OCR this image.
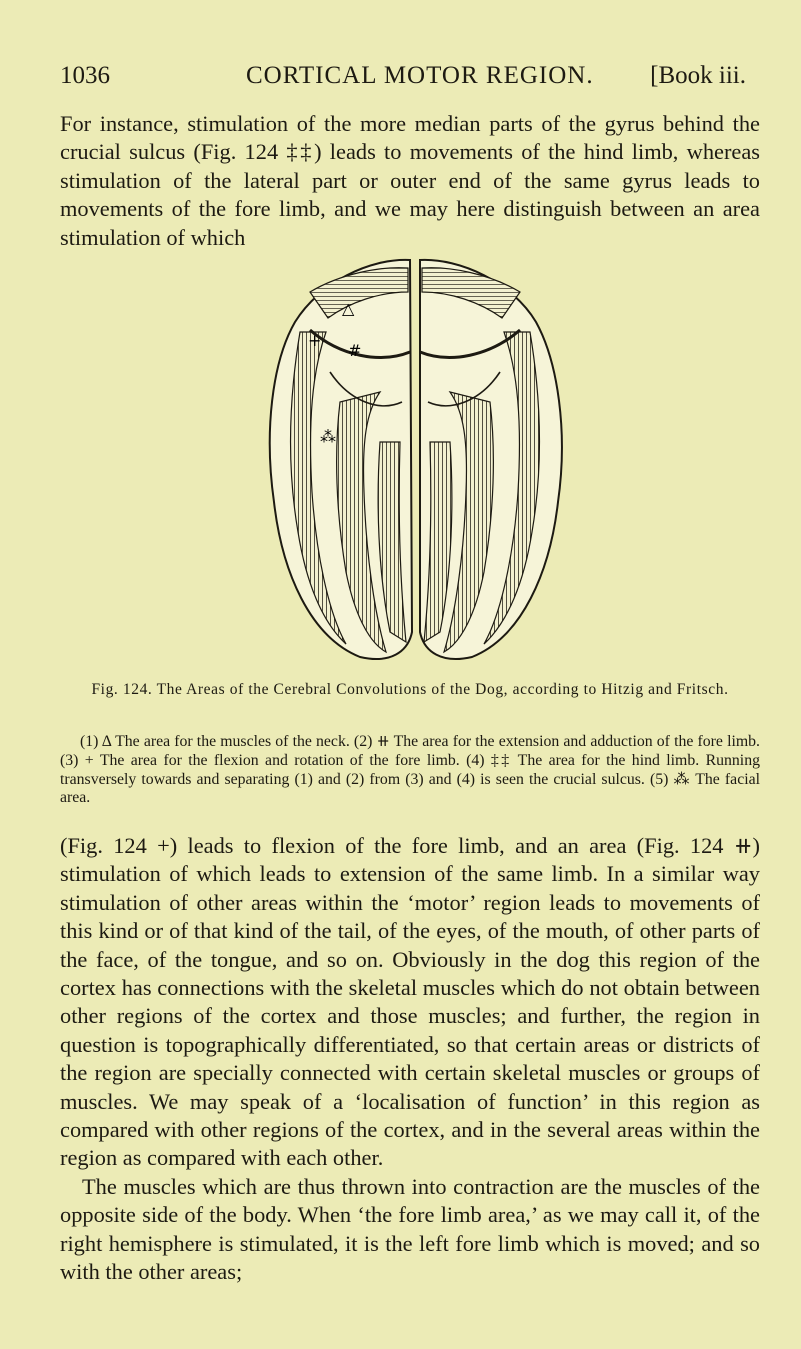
1036	CORTICAL MOTOR REGION. [Book iii.

For instance, stimulation of the more median parts of the gyrus behind the crucial sulcus (Fig. 124 ‡‡) leads to movements of the hind limb, whereas stimulation of the lateral part or outer end of the same gyrus leads to movements of the fore limb, and we may here distinguish between an area stimulation of which

△
+
#
⁂

Fig. 124. The Areas of the Cerebral Convolutions of the Dog, according to Hitzig and Fritsch.

(1) Δ The area for the muscles of the neck. (2) ⧺ The area for the extension and adduction of the fore limb. (3) + The area for the flexion and rotation of the fore limb. (4) ‡‡ The area for the hind limb. Running transversely towards and separating (1) and (2) from (3) and (4) is seen the crucial sulcus. (5) ⁂ The facial area.

(Fig. 124 +) leads to flexion of the fore limb, and an area (Fig. 124 ⧺) stimulation of which leads to extension of the same limb. In a similar way stimulation of other areas within the ‘motor’ region leads to movements of this kind or of that kind of the tail, of the eyes, of the mouth, of other parts of the face, of the tongue, and so on. Obviously in the dog this region of the cortex has connections with the skeletal muscles which do not obtain between other regions of the cortex and those muscles; and further, the region in question is topographically differentiated, so that certain areas or districts of the region are specially connected with certain skeletal muscles or groups of muscles. We may speak of a ‘localisation of function’ in this region as compared with other regions of the cortex, and in the several areas within the region as compared with each other.
The muscles which are thus thrown into contraction are the muscles of the opposite side of the body. When ‘the fore limb area,’ as we may call it, of the right hemisphere is stimulated, it is the left fore limb which is moved; and so with the other areas;
